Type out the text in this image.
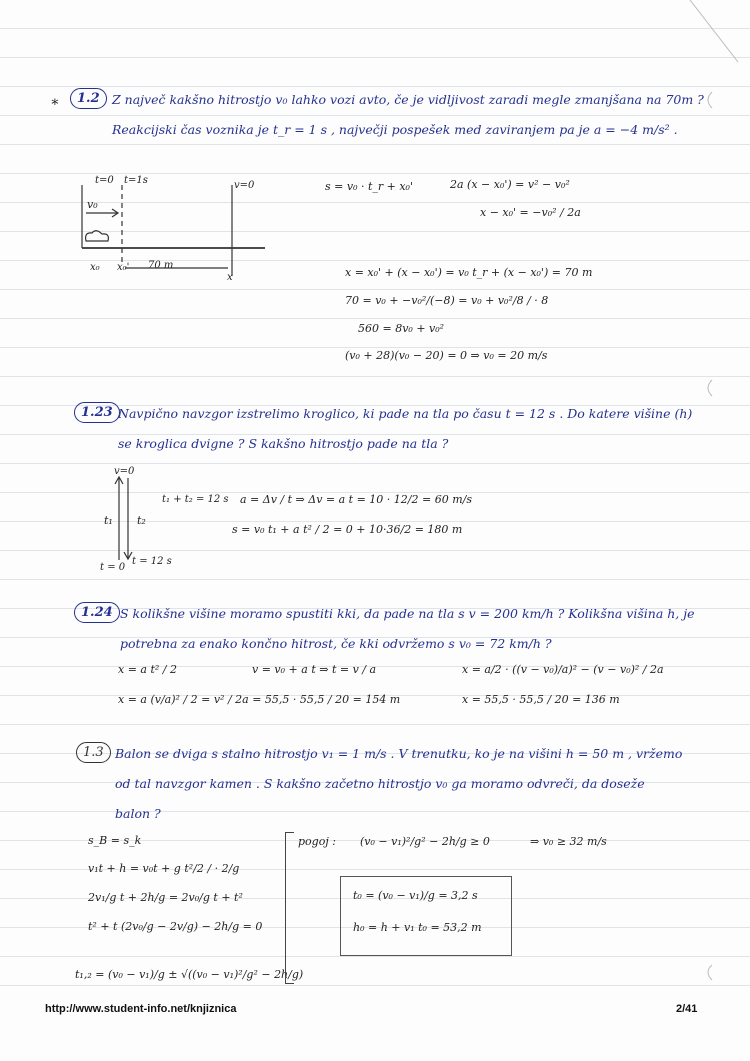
∗	1.2 Z največ kakšno hitrostjo v₀ lahko vozi avto, če je vidljivost zaradi megle zmanjšana na 70m ?
Reakcijski čas voznika je t_r = 1 s , največji pospešek med zaviranjem pa je a = −4 m/s² .
t=0 t=1s	v=0
v₀
x₀ x₀' 70 m
x
s = v₀ · t_r + x₀'	2a (x − x₀') = v² − v₀²
x − x₀' = −v₀² / 2a
x = x₀' + (x − x₀') = v₀ t_r + (x − x₀') = 70 m
70 = v₀ + −v₀²/(−8) = v₀ + v₀²/8 / · 8
560 = 8v₀ + v₀²
(v₀ + 28)(v₀ − 20) = 0 ⇒ v₀ = 20 m/s
1.23 Navpično navzgor izstrelimo kroglico, ki pade na tla po času t = 12 s . Do katere višine (h)
se kroglica dvigne ? S kakšno hitrostjo pade na tla ?
v=0
t₁ t₂
t₁ + t₂ = 12 s
t = 12 s
t = 0
a = Δv / t ⇒ Δv = a t = 10 · 12/2 = 60 m/s
s = v₀ t₁ + a t² / 2 = 0 + 10·36/2 = 180 m
1.24 S kolikšne višine moramo spustiti kki, da pade na tla s v = 200 km/h ? Kolikšna višina h, je
potrebna za enako končno hitrost, če kki odvržemo s v₀ = 72 km/h ?
x = a t² / 2	v = v₀ + a t ⇒ t = v / a
x = a (v/a)² / 2 = v² / 2a = 55,5 · 55,5 / 20 = 154 m
x = a/2 · ((v − v₀)/a)² − (v − v₀)² / 2a
x = 55,5 · 55,5 / 20 = 136 m
1.3 Balon se dviga s stalno hitrostjo v₁ = 1 m/s . V trenutku, ko je na višini h = 50 m , vržemo
od tal navzgor kamen . S kakšno začetno hitrostjo v₀ ga moramo odvreči, da doseže
balon ?
s_B = s_k
v₁t + h = v₀t + g t²/2 / · 2/g
2v₁/g t + 2h/g = 2v₀/g t + t²
t² + t (2v₀/g − 2v/g) − 2h/g = 0
t₁,₂ = (v₀ − v₁)/g ± √((v₀ − v₁)²/g² − 2h/g)
pogoj : (v₀ − v₁)²/g² − 2h/g ≥ 0	⇒ v₀ ≥ 32 m/s
t₀ = (v₀ − v₁)/g = 3,2 s
h₀ = h + v₁ t₀ = 53,2 m
http://www.student-info.net/knjiznica	2/41
